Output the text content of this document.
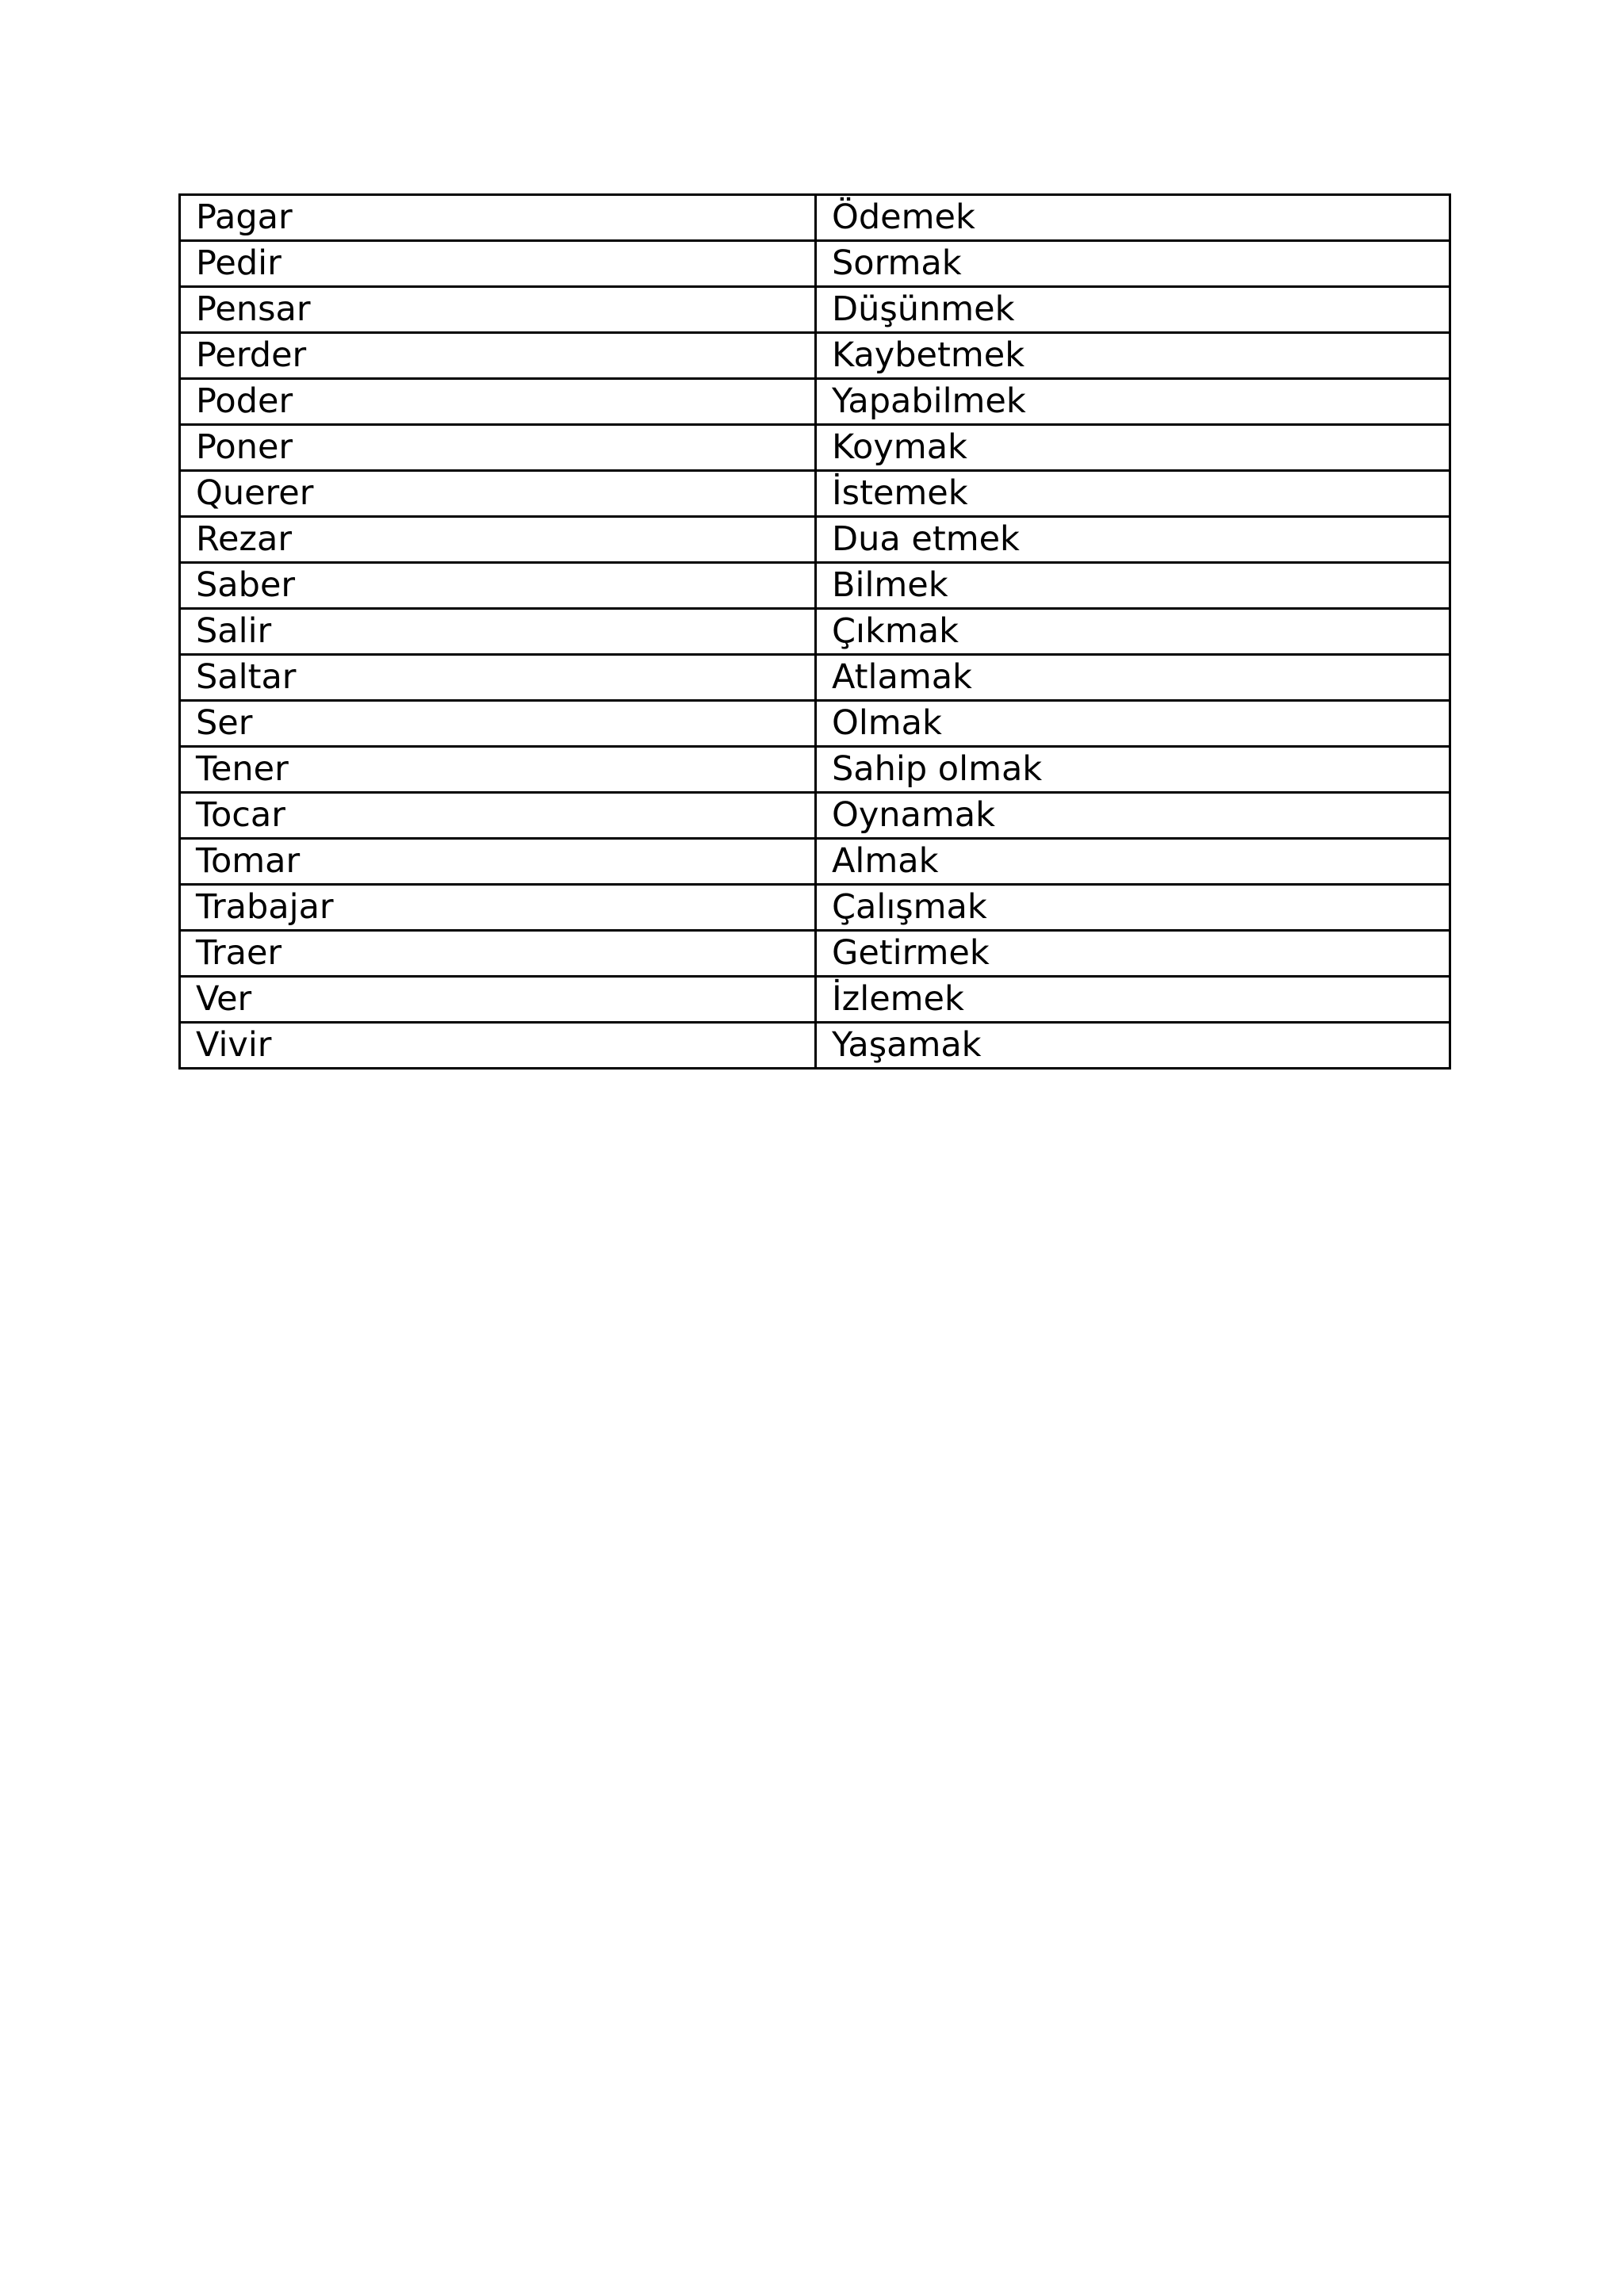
Pagar	Ödemek
Pedir	Sormak
Pensar	Düşünmek
Perder	Kaybetmek
Poder	Yapabilmek
Poner	Koymak
Querer	İstemek
Rezar	Dua etmek
Saber	Bilmek
Salir	Çıkmak
Saltar	Atlamak
Ser	Olmak
Tener	Sahip olmak
Tocar	Oynamak
Tomar	Almak
Trabajar	Çalışmak
Traer	Getirmek
Ver	İzlemek
Vivir	Yaşamak
